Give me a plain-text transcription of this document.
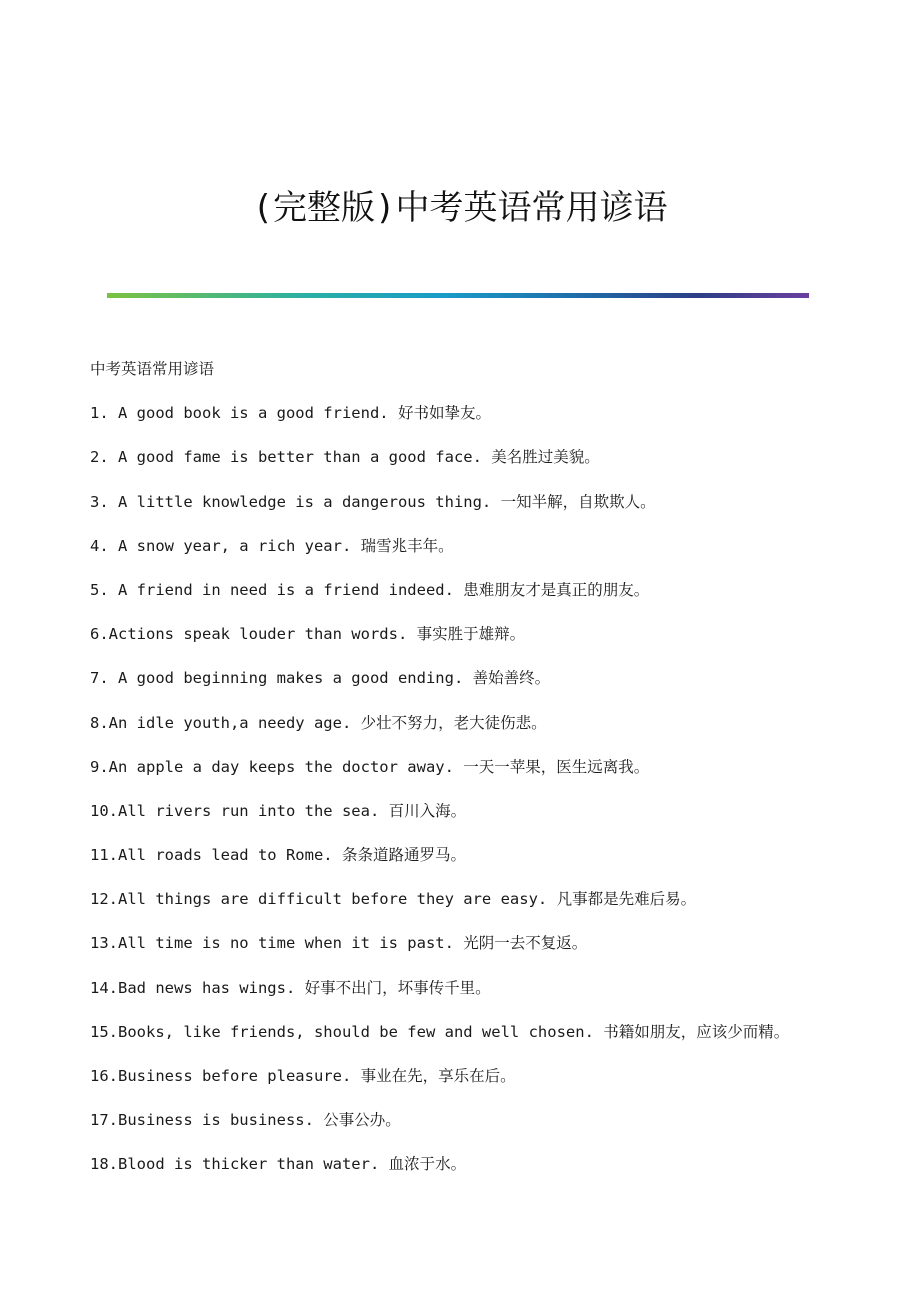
(完整版)中考英语常用谚语
中考英语常用谚语
1. A good book is a good friend. 好书如挚友。
2. A good fame is better than a good face. 美名胜过美貌。
3. A little knowledge is a dangerous thing. 一知半解，自欺欺人。
4. A snow year, a rich year. 瑞雪兆丰年。
5. A friend in need is a friend indeed. 患难朋友才是真正的朋友。
6.Actions speak louder than words. 事实胜于雄辩。
7. A good beginning makes a good ending. 善始善终。
8.An idle youth,a needy age. 少壮不努力，老大徒伤悲。
9.An apple a day keeps the doctor away. 一天一苹果，医生远离我。
10.All rivers run into the sea. 百川入海。
11.All roads lead to Rome. 条条道路通罗马。
12.All things are difficult before they are easy. 凡事都是先难后易。
13.All time is no time when it is past. 光阴一去不复返。
14.Bad news has wings. 好事不出门，坏事传千里。
15.Books, like friends, should be few and well chosen. 书籍如朋友，应该少而精。
16.Business before pleasure. 事业在先，享乐在后。
17.Business is business. 公事公办。
18.Blood is thicker than water. 血浓于水。
